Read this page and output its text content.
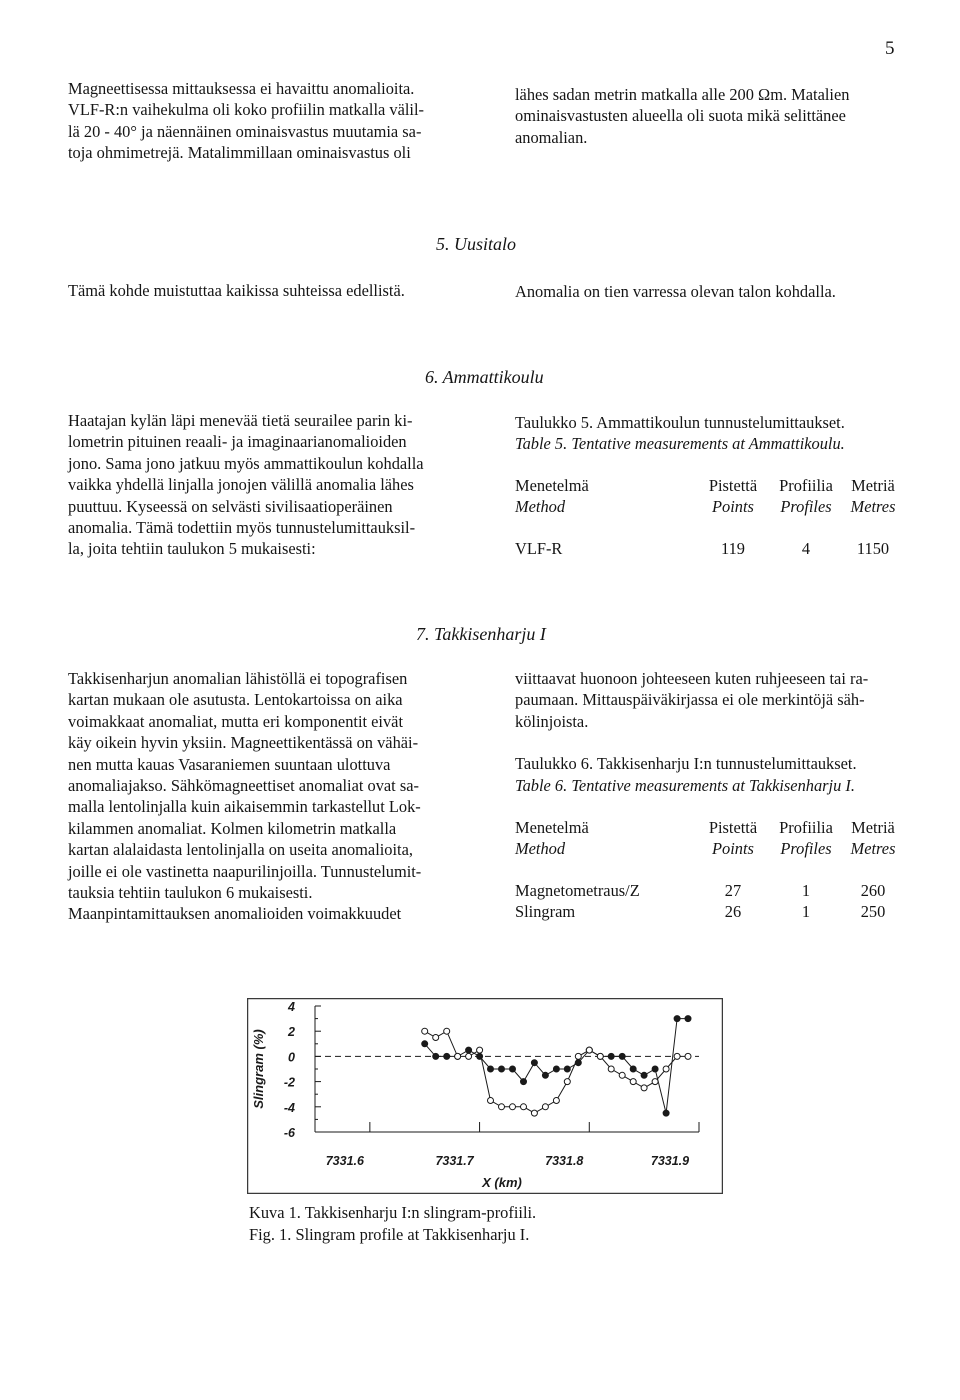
5
Magneettisessa mittauksessa ei havaittu anomalioita.
VLF-R:n vaihekulma oli koko profiilin matkalla välil-
lä 20 - 40° ja näennäinen ominaisvastus muutamia sa-
toja ohmimetrejä. Matalimmillaan ominaisvastus oli
lähes sadan metrin matkalla alle 200 Ωm. Matalien
ominaisvastusten alueella oli suota mikä selittänee
anomalian.
5. Uusitalo
Tämä kohde muistuttaa kaikissa suhteissa edellistä.	Anomalia on tien varressa olevan talon kohdalla.
6. Ammattikoulu
Haatajan kylän läpi menevää tietä seurailee parin ki-
lometrin pituinen reaali- ja imaginaarianomalioiden
jono. Sama jono jatkuu myös ammattikoulun kohdalla
vaikka yhdellä linjalla jonojen välillä anomalia lähes
puuttuu. Kyseessä on selvästi sivilisaatioperäinen
anomalia. Tämä todettiin myös tunnustelumittauksil-
la, joita tehtiin taulukon 5 mukaisesti:
Taulukko 5. Ammattikoulun tunnustelumittaukset.
Table 5. Tentative measurements at Ammattikoulu.
Menetelmä	Pistettä	Profiilia	Metriä
Method	Points	Profiles	Metres

VLF-R	119	4	1150
7. Takkisenharju I
Takkisenharjun anomalian lähistöllä ei topografisen
kartan mukaan ole asutusta. Lentokartoissa on aika
voimakkaat anomaliat, mutta eri komponentit eivät
käy oikein hyvin yksiin. Magneettikentässä on vähäi-
nen mutta kauas Vasaraniemen suuntaan ulottuva
anomaliajakso. Sähkömagneettiset anomaliat ovat sa-
malla lentolinjalla kuin aikaisemmin tarkastellut Lok-
kilammen anomaliat. Kolmen kilometrin matkalla
kartan alalaidasta lentolinjalla on useita anomalioita,
joille ei ole vastinetta naapurilinjoilla. Tunnustelumit-
tauksia tehtiin taulukon 6 mukaisesti.
Maanpintamittauksen anomalioiden voimakkuudet
viittaavat huonoon johteeseen kuten ruhjeeseen tai ra-
paumaan. Mittauspäiväkirjassa ei ole merkintöjä säh-
kölinjoista.
Taulukko 6. Takkisenharju I:n tunnustelumittaukset.
Table 6. Tentative measurements at Takkisenharju I.
Menetelmä	Pistettä	Profiilia	Metriä
Method	Points	Profiles	Metres

Magnetometraus/Z	27	1	260
Slingram	26	1	250
4
2
0
-2
-4
-6
7331.6	7331.7	7331.8	7331.9
X (km)
Slingram (%)
Kuva 1. Takkisenharju I:n slingram-profiili.
Fig. 1. Slingram profile at Takkisenharju I.
